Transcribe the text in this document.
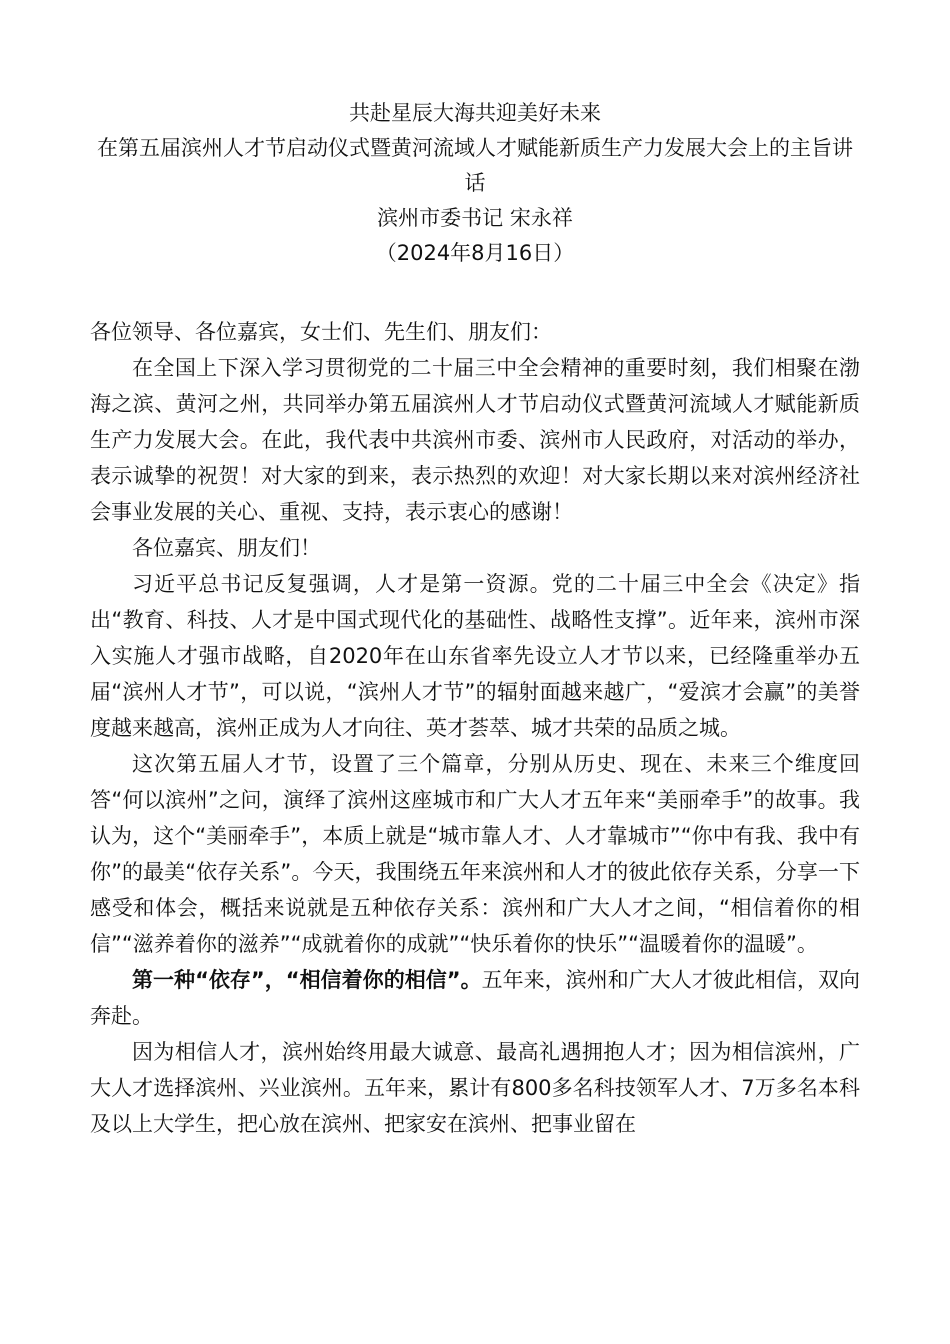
共赴星辰大海共迎美好未来
在第五届滨州人才节启动仪式暨黄河流域人才赋能新质生产力发展大会上的主旨讲话
滨州市委书记 宋永祥
（2024年8月16日）

各位领导、各位嘉宾，女士们、先生们、朋友们：

在全国上下深入学习贯彻党的二十届三中全会精神的重要时刻，我们相聚在渤海之滨、黄河之州，共同举办第五届滨州人才节启动仪式暨黄河流域人才赋能新质生产力发展大会。在此，我代表中共滨州市委、滨州市人民政府，对活动的举办，表示诚挚的祝贺！对大家的到来，表示热烈的欢迎！对大家长期以来对滨州经济社会事业发展的关心、重视、支持，表示衷心的感谢！

各位嘉宾、朋友们！

习近平总书记反复强调，人才是第一资源。党的二十届三中全会《决定》指出“教育、科技、人才是中国式现代化的基础性、战略性支撑”。近年来，滨州市深入实施人才强市战略，自2020年在山东省率先设立人才节以来，已经隆重举办五届“滨州人才节”，可以说，“滨州人才节”的辐射面越来越广，“爱滨才会赢”的美誉度越来越高，滨州正成为人才向往、英才荟萃、城才共荣的品质之城。

这次第五届人才节，设置了三个篇章，分别从历史、现在、未来三个维度回答“何以滨州”之问，演绎了滨州这座城市和广大人才五年来“美丽牵手”的故事。我认为，这个“美丽牵手”，本质上就是“城市靠人才、人才靠城市”“你中有我、我中有你”的最美“依存关系”。今天，我围绕五年来滨州和人才的彼此依存关系，分享一下感受和体会，概括来说就是五种依存关系：滨州和广大人才之间，“相信着你的相信”“滋养着你的滋养”“成就着你的成就”“快乐着你的快乐”“温暖着你的温暖”。

第一种“依存”，“相信着你的相信”。五年来，滨州和广大人才彼此相信，双向奔赴。

因为相信人才，滨州始终用最大诚意、最高礼遇拥抱人才；因为相信滨州，广大人才选择滨州、兴业滨州。五年来，累计有800多名科技领军人才、7万多名本科及以上大学生，把心放在滨州、把家安在滨州、把事业留在
